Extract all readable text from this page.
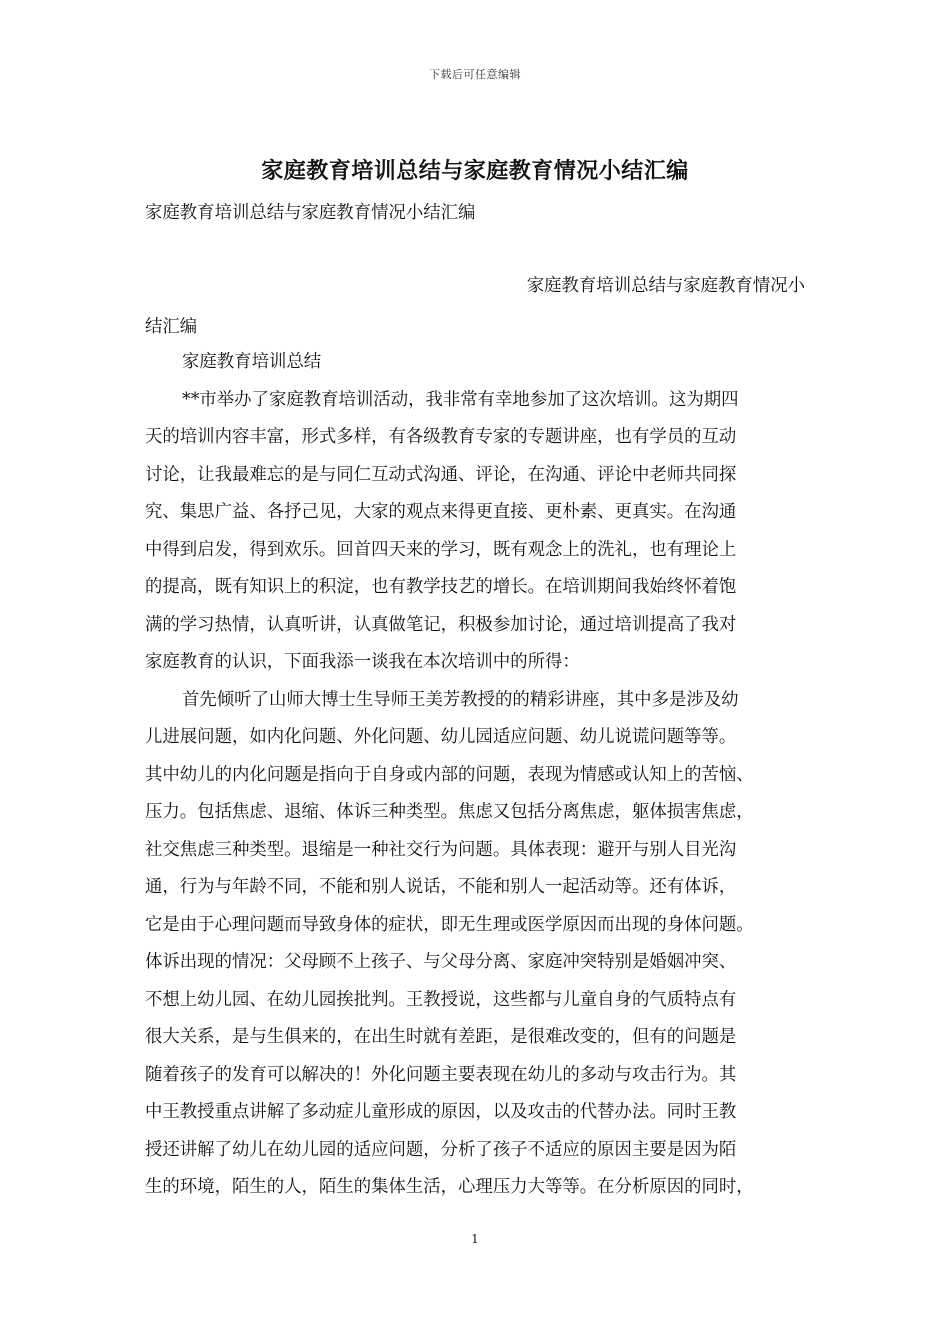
下载后可任意编辑
家庭教育培训总结与家庭教育情况小结汇编

家庭教育培训总结与家庭教育情况小结汇编

家庭教育培训总结与家庭教育情况小
结汇编
家庭教育培训总结
**市举办了家庭教育培训活动，我非常有幸地参加了这次培训。这为期四
天的培训内容丰富，形式多样，有各级教育专家的专题讲座，也有学员的互动
讨论，让我最难忘的是与同仁互动式沟通、评论，在沟通、评论中老师共同探
究、集思广益、各抒己见，大家的观点来得更直接、更朴素、更真实。在沟通
中得到启发，得到欢乐。回首四天来的学习，既有观念上的洗礼，也有理论上
的提高，既有知识上的积淀，也有教学技艺的增长。在培训期间我始终怀着饱
满的学习热情，认真听讲，认真做笔记，积极参加讨论，通过培训提高了我对
家庭教育的认识，下面我添一谈我在本次培训中的所得：
首先倾听了山师大博士生导师王美芳教授的的精彩讲座，其中多是涉及幼
儿进展问题，如内化问题、外化问题、幼儿园适应问题、幼儿说谎问题等等。
其中幼儿的内化问题是指向于自身或内部的问题，表现为情感或认知上的苦恼、
压力。包括焦虑、退缩、体诉三种类型。焦虑又包括分离焦虑，躯体损害焦虑，
社交焦虑三种类型。退缩是一种社交行为问题。具体表现：避开与别人目光沟
通，行为与年龄不同，不能和别人说话，不能和别人一起活动等。还有体诉，
它是由于心理问题而导致身体的症状，即无生理或医学原因而出现的身体问题。
体诉出现的情况：父母顾不上孩子、与父母分离、家庭冲突特别是婚姻冲突、
不想上幼儿园、在幼儿园挨批判。王教授说，这些都与儿童自身的气质特点有
很大关系，是与生俱来的，在出生时就有差距，是很难改变的，但有的问题是
随着孩子的发育可以解决的！外化问题主要表现在幼儿的多动与攻击行为。其
中王教授重点讲解了多动症儿童形成的原因，以及攻击的代替办法。同时王教
授还讲解了幼儿在幼儿园的适应问题，分析了孩子不适应的原因主要是因为陌
生的环境，陌生的人，陌生的集体生活，心理压力大等等。在分析原因的同时，
1
